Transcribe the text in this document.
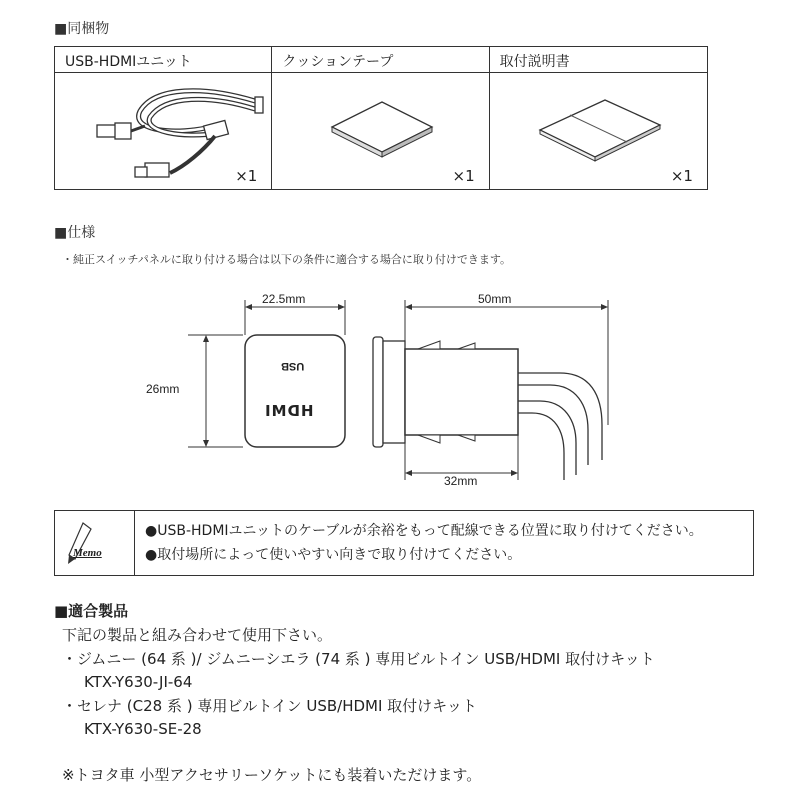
■同梱物
USB-HDMIユニット
×1
クッションテープ
×1
取付説明書
×1
■仕様
・純正スイッチパネルに取り付ける場合は以下の条件に適合する場合に取り付けできます。
22.5mm
26mm
50mm
32mm
USB
HDMI
Memo
●USB-HDMIユニットのケーブルが余裕をもって配線できる位置に取り付けてください。
●取付場所によって使いやすい向きで取り付けてください。
■適合製品
下記の製品と組み合わせて使用下さい。
・ジムニー (64 系 )/ ジムニーシエラ (74 系 ) 専用ビルトイン USB/HDMI 取付けキット
KTX-Y630-JI-64
・セレナ (C28 系 ) 専用ビルトイン USB/HDMI 取付けキット
KTX-Y630-SE-28
※トヨタ車 小型アクセサリーソケットにも装着いただけます。
